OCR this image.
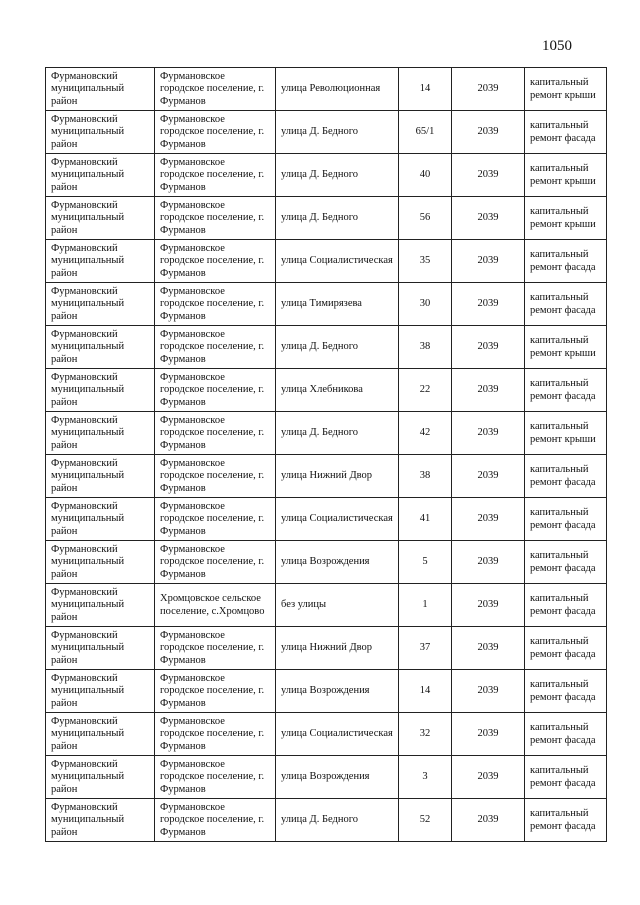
1050
Фурмановский муниципальный район	Фурмановское городское поселение, г. Фурманов	улица Революционная	14	2039	капитальный ремонт крыши
Фурмановский муниципальный район	Фурмановское городское поселение, г. Фурманов	улица Д. Бедного	65/1	2039	капитальный ремонт фасада
Фурмановский муниципальный район	Фурмановское городское поселение, г. Фурманов	улица Д. Бедного	40	2039	капитальный ремонт крыши
Фурмановский муниципальный район	Фурмановское городское поселение, г. Фурманов	улица Д. Бедного	56	2039	капитальный ремонт крыши
Фурмановский муниципальный район	Фурмановское городское поселение, г. Фурманов	улица Социалистическая	35	2039	капитальный ремонт фасада
Фурмановский муниципальный район	Фурмановское городское поселение, г. Фурманов	улица Тимирязева	30	2039	капитальный ремонт фасада
Фурмановский муниципальный район	Фурмановское городское поселение, г. Фурманов	улица Д. Бедного	38	2039	капитальный ремонт крыши
Фурмановский муниципальный район	Фурмановское городское поселение, г. Фурманов	улица Хлебникова	22	2039	капитальный ремонт фасада
Фурмановский муниципальный район	Фурмановское городское поселение, г. Фурманов	улица Д. Бедного	42	2039	капитальный ремонт крыши
Фурмановский муниципальный район	Фурмановское городское поселение, г. Фурманов	улица Нижний Двор	38	2039	капитальный ремонт фасада
Фурмановский муниципальный район	Фурмановское городское поселение, г. Фурманов	улица Социалистическая	41	2039	капитальный ремонт фасада
Фурмановский муниципальный район	Фурмановское городское поселение, г. Фурманов	улица Возрождения	5	2039	капитальный ремонт фасада
Фурмановский муниципальный район	Хромцовское сельское поселение, с.Хромцово	без улицы	1	2039	капитальный ремонт фасада
Фурмановский муниципальный район	Фурмановское городское поселение, г. Фурманов	улица Нижний Двор	37	2039	капитальный ремонт фасада
Фурмановский муниципальный район	Фурмановское городское поселение, г. Фурманов	улица Возрождения	14	2039	капитальный ремонт фасада
Фурмановский муниципальный район	Фурмановское городское поселение, г. Фурманов	улица Социалистическая	32	2039	капитальный ремонт фасада
Фурмановский муниципальный район	Фурмановское городское поселение, г. Фурманов	улица Возрождения	3	2039	капитальный ремонт фасада
Фурмановский муниципальный район	Фурмановское городское поселение, г. Фурманов	улица Д. Бедного	52	2039	капитальный ремонт фасада
